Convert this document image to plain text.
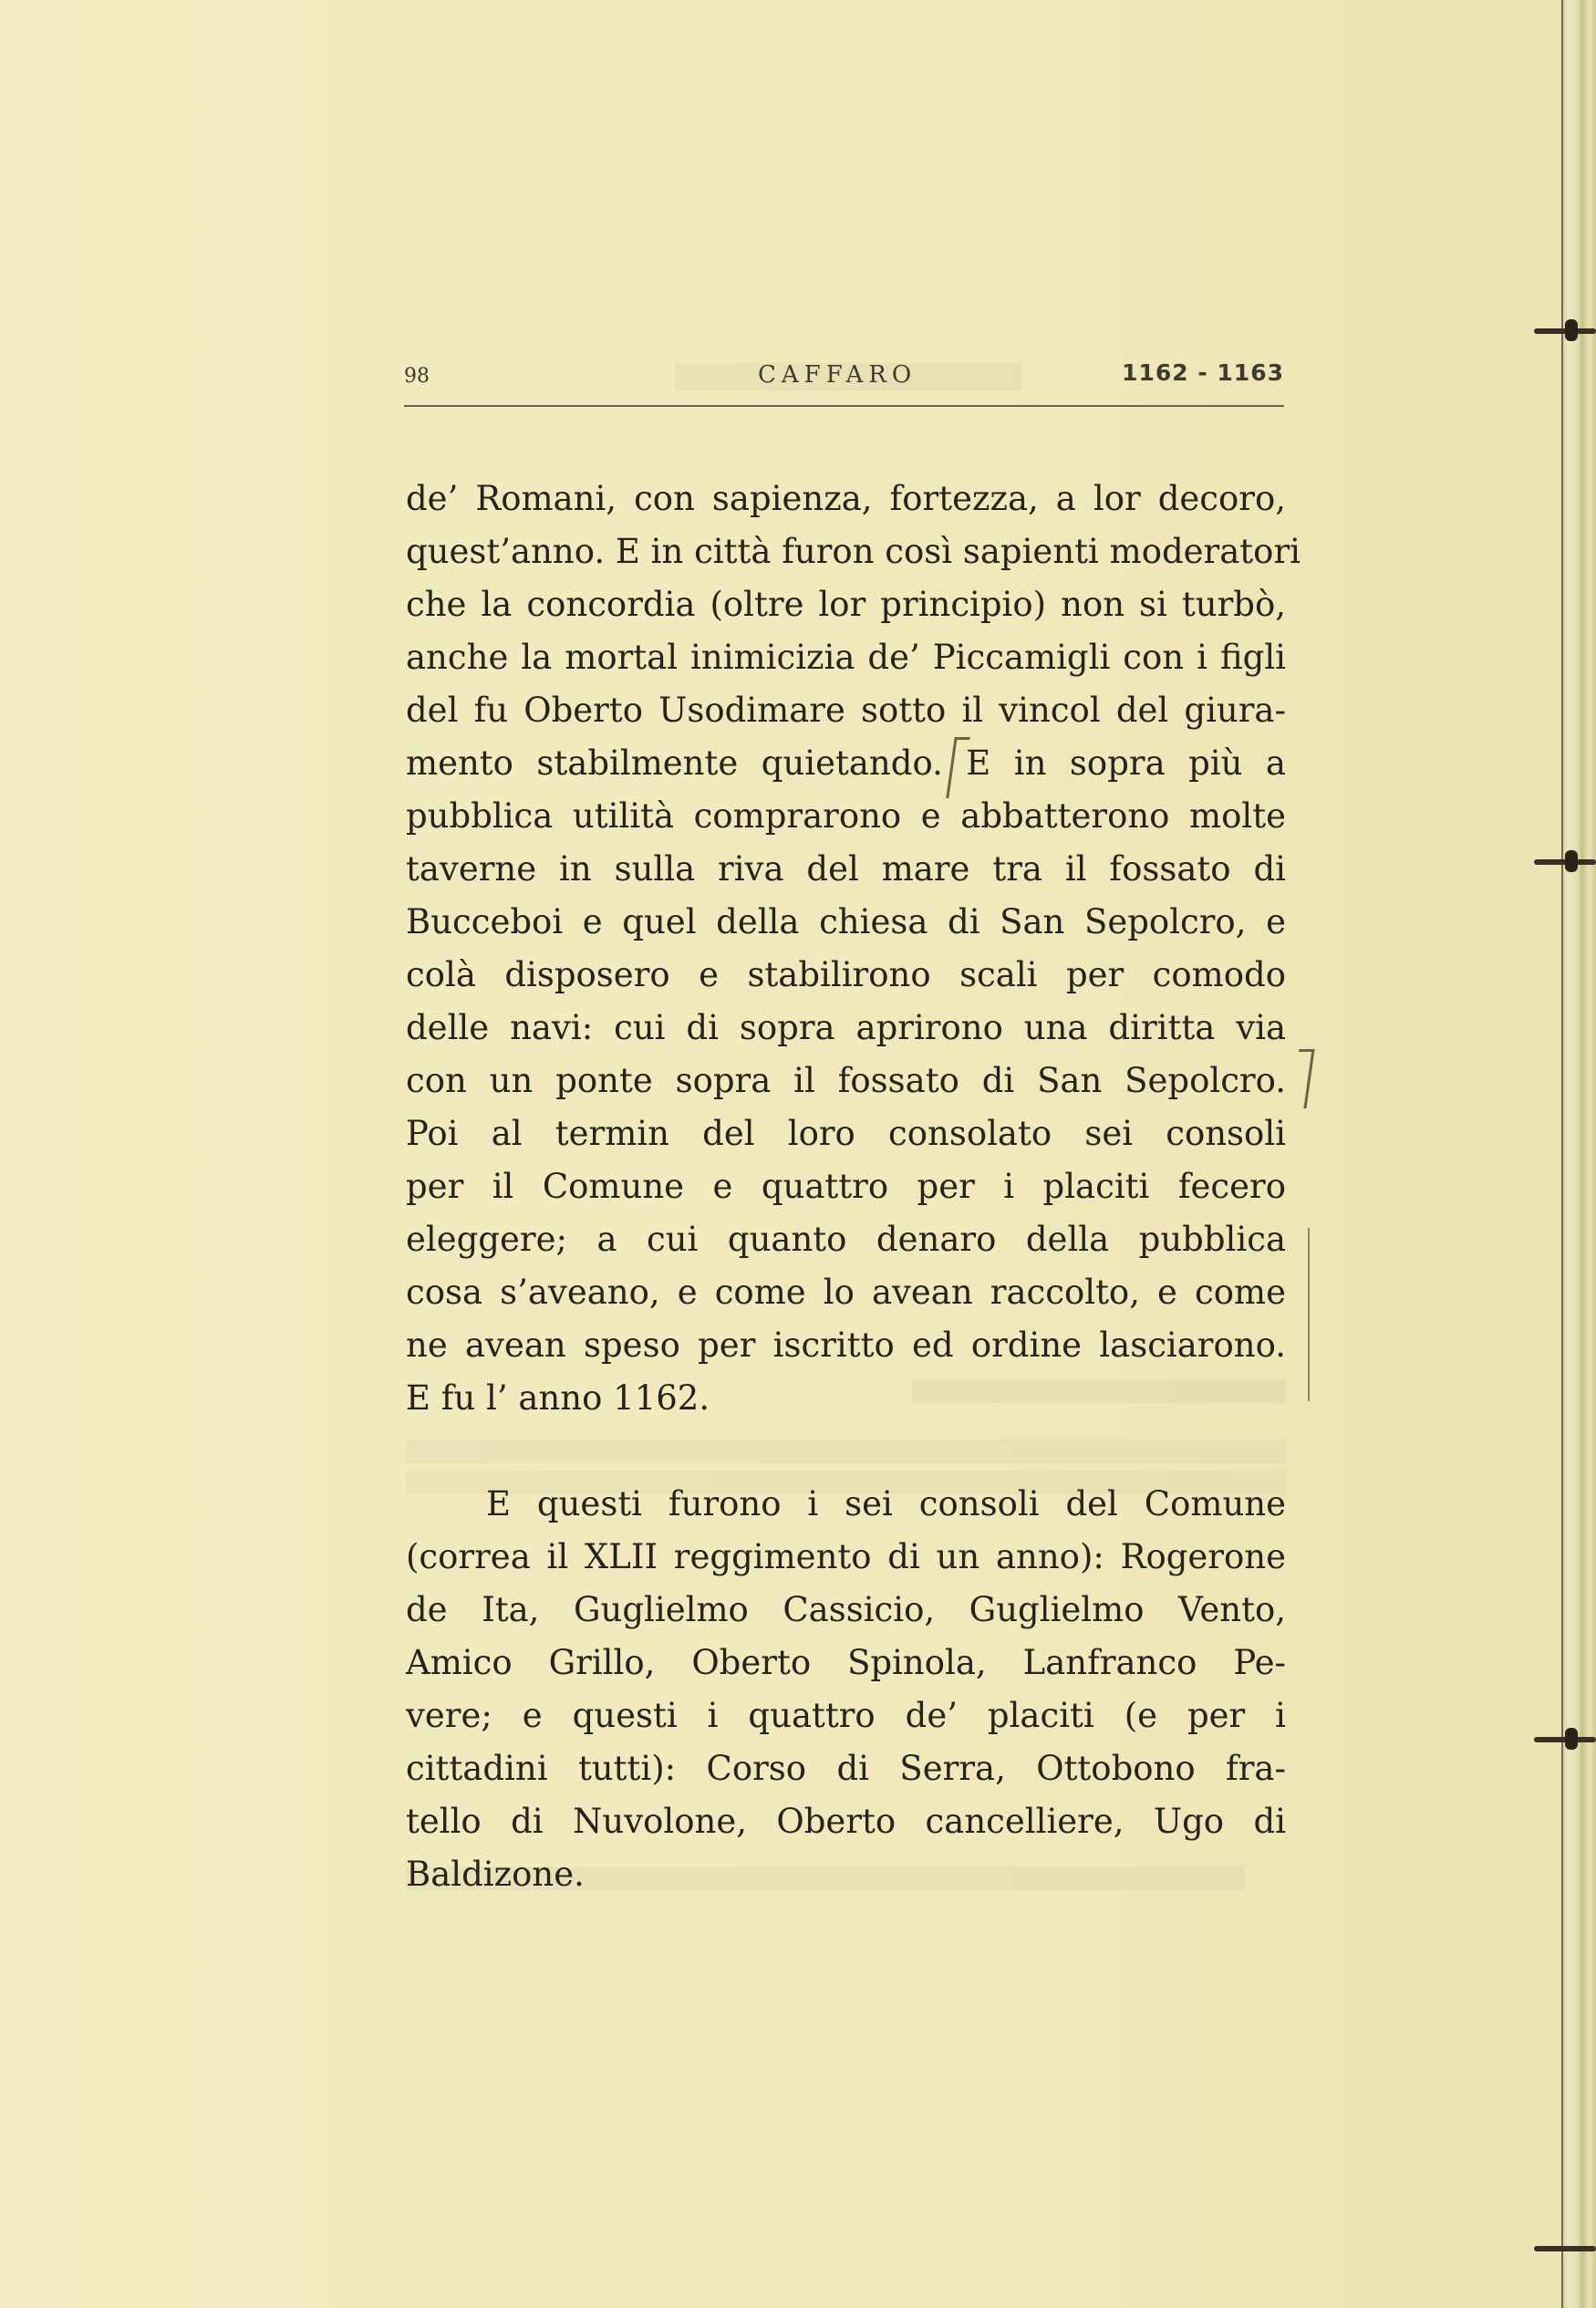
98	CAFFARO	1162 - 1163
de’ Romani, con sapienza, fortezza, a lor decoro,
quest’anno. E in città furon così sapienti moderatori
che la concordia (oltre lor principio) non si turbò,
anche la mortal inimicizia de’ Piccamigli con i figli
del fu Oberto Usodimare sotto il vincol del giura-
mento stabilmente quietando. E in sopra più a
pubblica utilità comprarono e abbatterono molte
taverne in sulla riva del mare tra il fossato di
Bucceboi e quel della chiesa di San Sepolcro, e
colà disposero e stabilirono scali per comodo
delle navi: cui di sopra aprirono una diritta via
con un ponte sopra il fossato di San Sepolcro.
Poi al termin del loro consolato sei consoli
per il Comune e quattro per i placiti fecero
eleggere; a cui quanto denaro della pubblica
cosa s’aveano, e come lo avean raccolto, e come
ne avean speso per iscritto ed ordine lasciarono.
E fu l’ anno 1162.
E questi furono i sei consoli del Comune
(correa il XLII reggimento di un anno): Rogerone
de Ita, Guglielmo Cassicio, Guglielmo Vento,
Amico Grillo, Oberto Spinola, Lanfranco Pe-
vere; e questi i quattro de’ placiti (e per i
cittadini tutti): Corso di Serra, Ottobono fra-
tello di Nuvolone, Oberto cancelliere, Ugo di
Baldizone.
